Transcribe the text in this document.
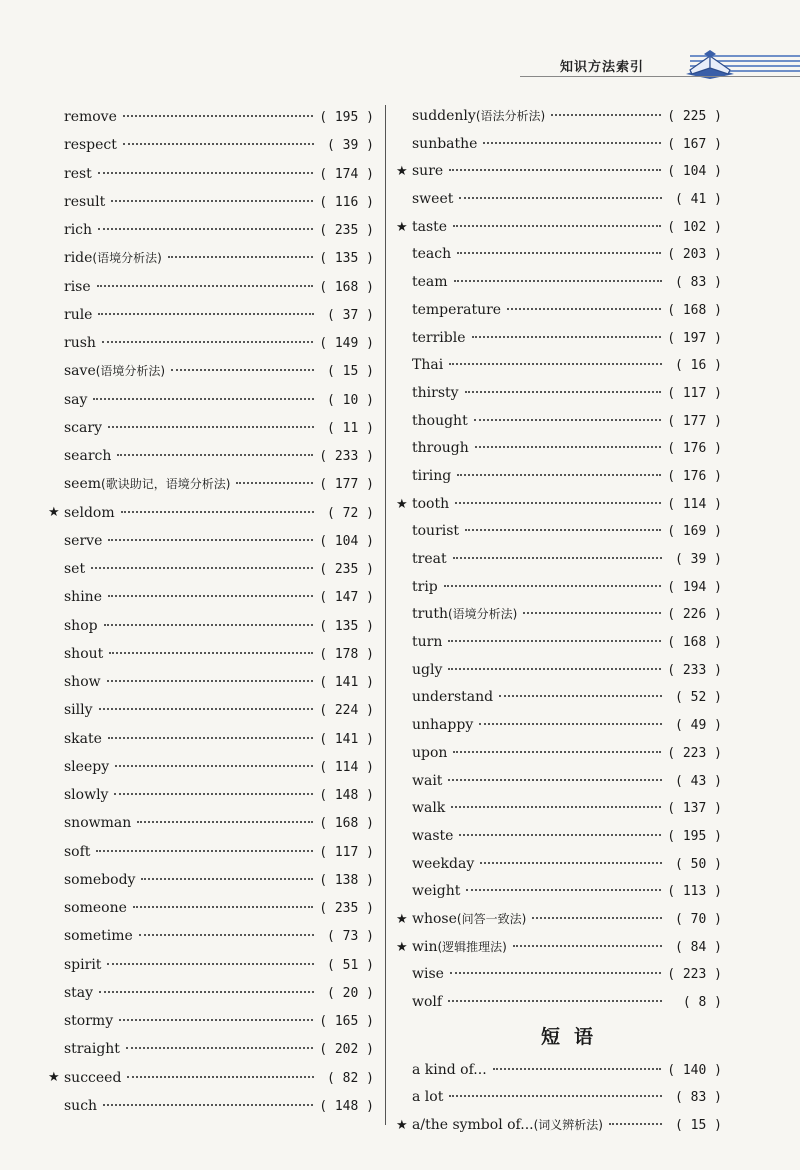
知识方法索引
remove	( 195 )
respect	( 39 )
rest	( 174 )
result	( 116 )
rich	( 235 )
ride (语境分析法)	( 135 )
rise	( 168 )
rule	( 37 )
rush	( 149 )
save (语境分析法)	( 15 )
say	( 10 )
scary	( 11 )
search	( 233 )
seem (歌诀助记，语境分析法)	( 177 )
★ seldom	( 72 )
serve	( 104 )
set	( 235 )
shine	( 147 )
shop	( 135 )
shout	( 178 )
show	( 141 )
silly	( 224 )
skate	( 141 )
sleepy	( 114 )
slowly	( 148 )
snowman	( 168 )
soft	( 117 )
somebody	( 138 )
someone	( 235 )
sometime	( 73 )
spirit	( 51 )
stay	( 20 )
stormy	( 165 )
straight	( 202 )
★ succeed	( 82 )
such	( 148 )
suddenly (语法分析法)	( 225 )
sunbathe	( 167 )
★ sure	( 104 )
sweet	( 41 )
★ taste	( 102 )
teach	( 203 )
team	( 83 )
temperature	( 168 )
terrible	( 197 )
Thai	( 16 )
thirsty	( 117 )
thought	( 177 )
through	( 176 )
tiring	( 176 )
★ tooth	( 114 )
tourist	( 169 )
treat	( 39 )
trip	( 194 )
truth (语境分析法)	( 226 )
turn	( 168 )
ugly	( 233 )
understand	( 52 )
unhappy	( 49 )
upon	( 223 )
wait	( 43 )
walk	( 137 )
waste	( 195 )
weekday	( 50 )
weight	( 113 )
★ whose (问答一致法)	( 70 )
★ win (逻辑推理法)	( 84 )
wise	( 223 )
wolf	( 8 )
短语
a kind of...	( 140 )
a lot	( 83 )
★ a/the symbol of... (词义辨析法)	( 15 )
